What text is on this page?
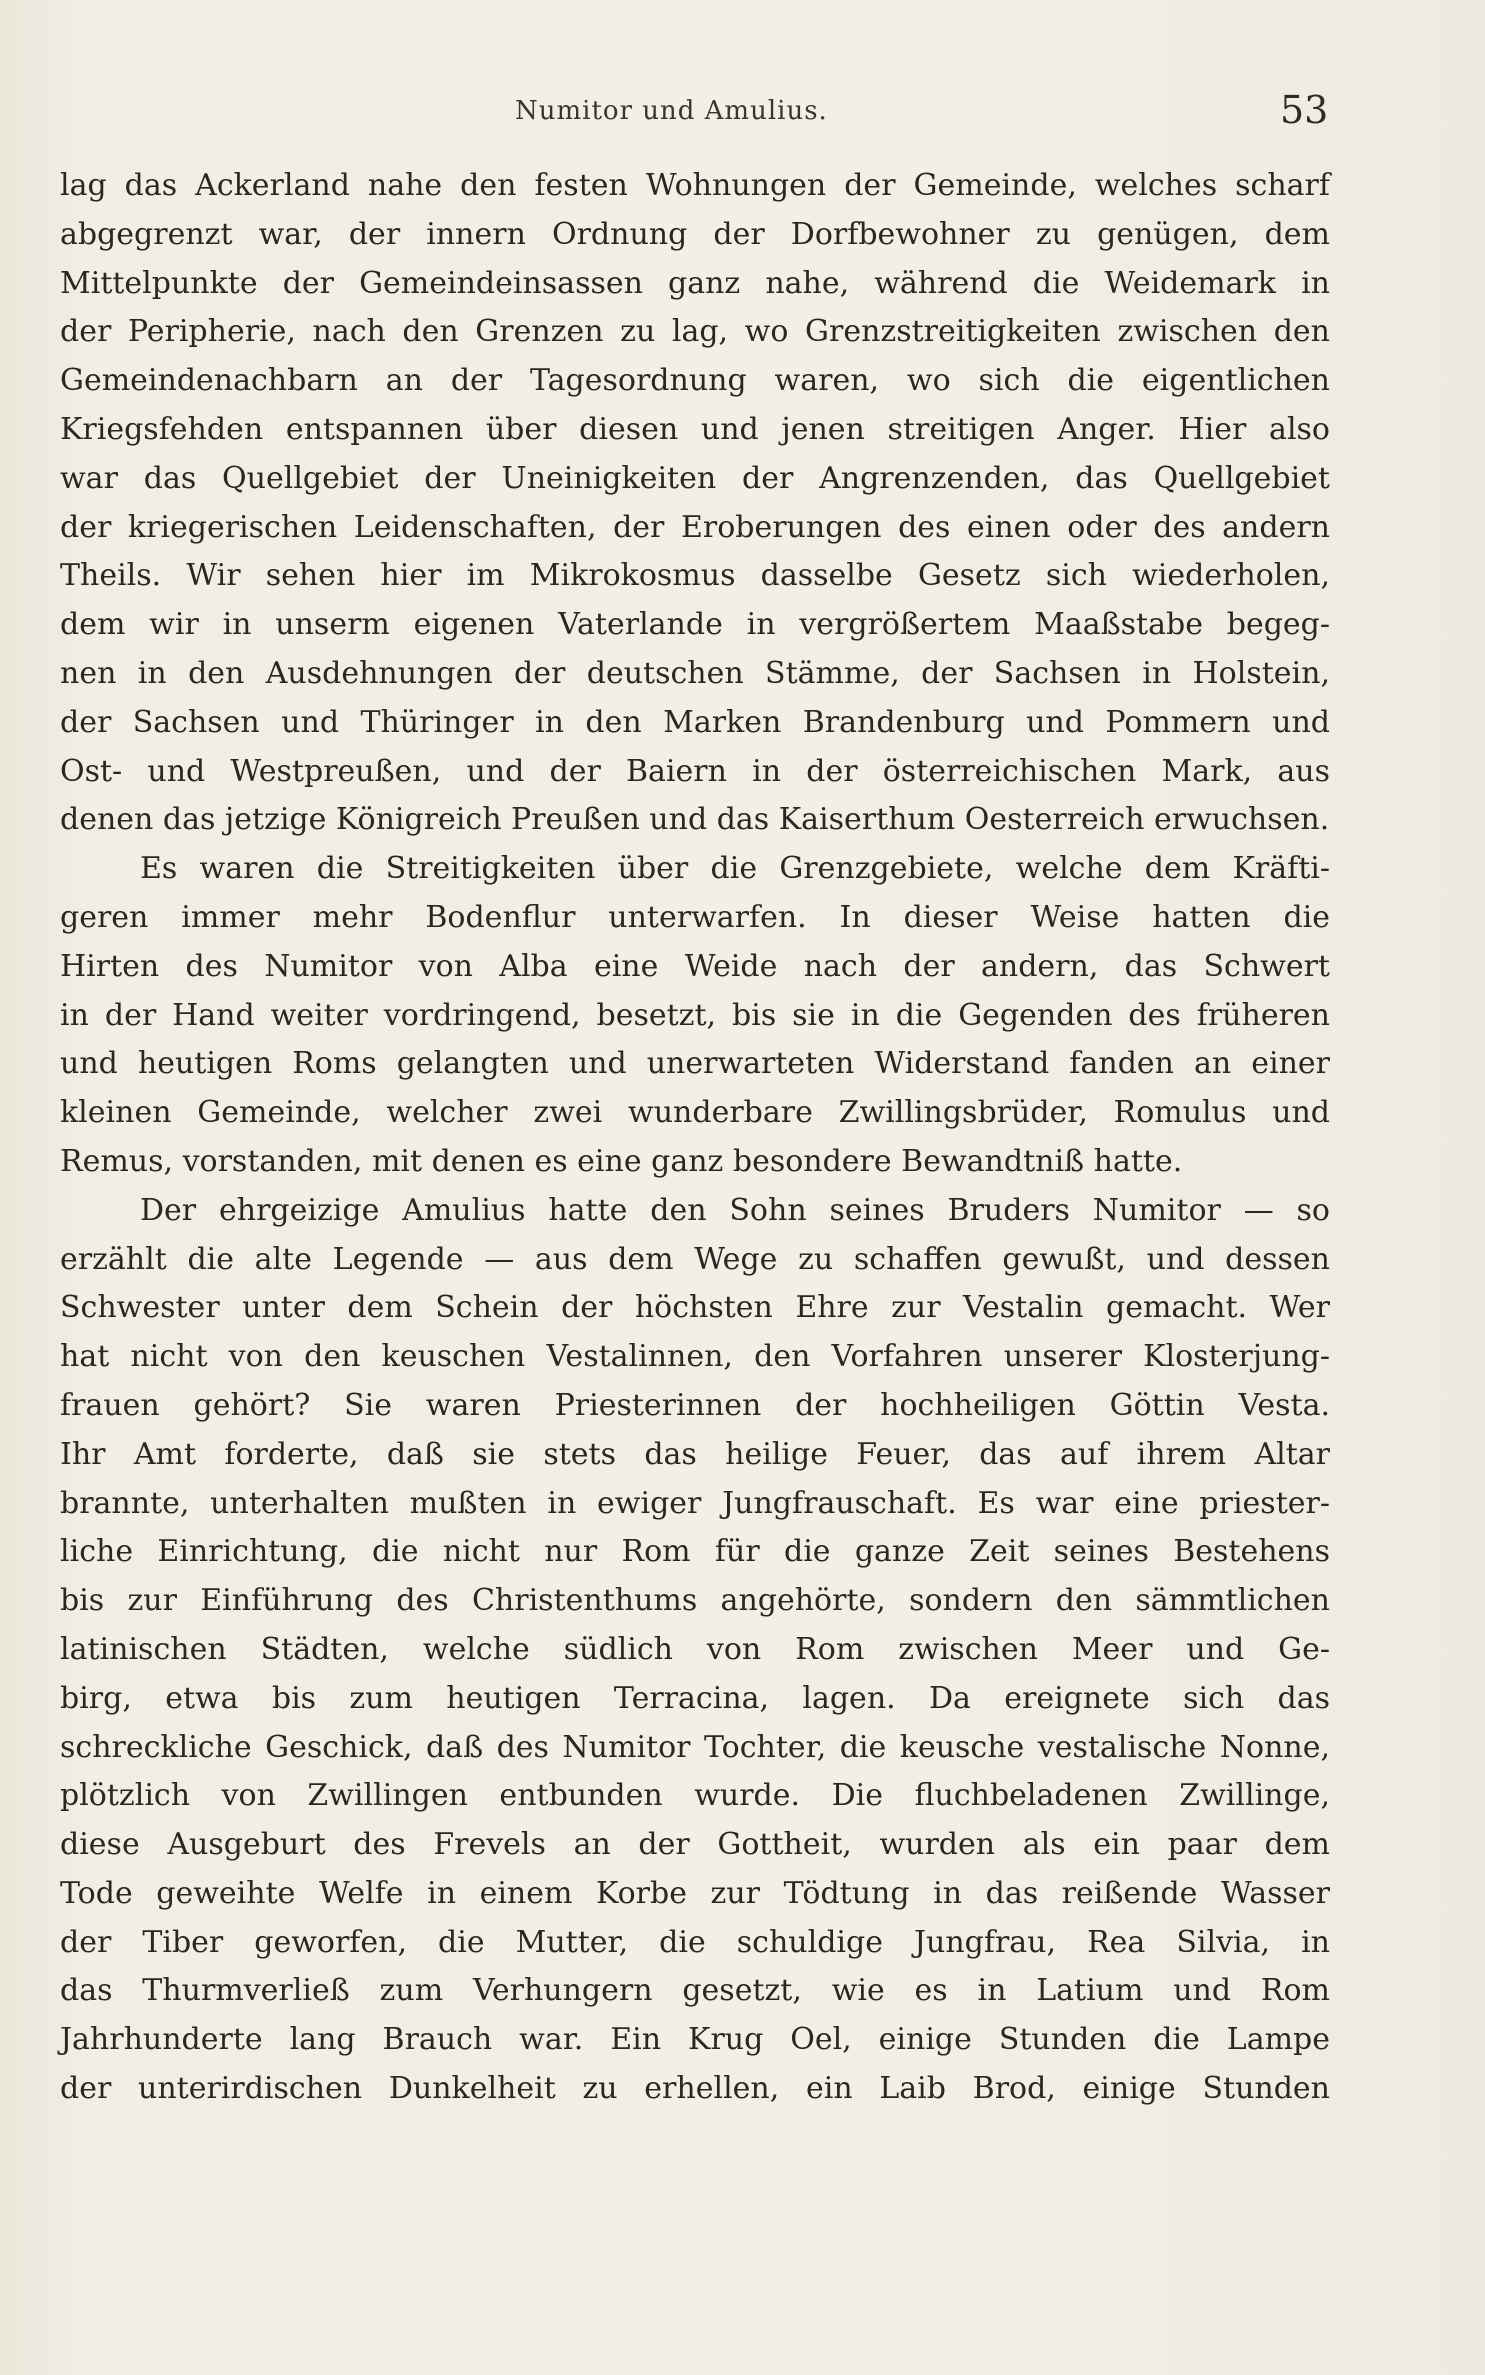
Numitor und Amulius.	53
lag das Ackerland nahe den festen Wohnungen der Gemeinde, welches scharf
abgegrenzt war, der innern Ordnung der Dorfbewohner zu genügen, dem
Mittelpunkte der Gemeindeinsassen ganz nahe, während die Weidemark in
der Peripherie, nach den Grenzen zu lag, wo Grenzstreitigkeiten zwischen den
Gemeindenachbarn an der Tagesordnung waren, wo sich die eigentlichen
Kriegsfehden entspannen über diesen und jenen streitigen Anger. Hier also
war das Quellgebiet der Uneinigkeiten der Angrenzenden, das Quellgebiet
der kriegerischen Leidenschaften, der Eroberungen des einen oder des andern
Theils. Wir sehen hier im Mikrokosmus dasselbe Gesetz sich wiederholen,
dem wir in unserm eigenen Vaterlande in vergrößertem Maaßstabe begeg-
nen in den Ausdehnungen der deutschen Stämme, der Sachsen in Holstein,
der Sachsen und Thüringer in den Marken Brandenburg und Pommern und
Ost- und Westpreußen, und der Baiern in der österreichischen Mark, aus
denen das jetzige Königreich Preußen und das Kaiserthum Oesterreich erwuchsen.
Es waren die Streitigkeiten über die Grenzgebiete, welche dem Kräfti-
geren immer mehr Bodenflur unterwarfen. In dieser Weise hatten die
Hirten des Numitor von Alba eine Weide nach der andern, das Schwert
in der Hand weiter vordringend, besetzt, bis sie in die Gegenden des früheren
und heutigen Roms gelangten und unerwarteten Widerstand fanden an einer
kleinen Gemeinde, welcher zwei wunderbare Zwillingsbrüder, Romulus und
Remus, vorstanden, mit denen es eine ganz besondere Bewandtniß hatte.
Der ehrgeizige Amulius hatte den Sohn seines Bruders Numitor — so
erzählt die alte Legende — aus dem Wege zu schaffen gewußt, und dessen
Schwester unter dem Schein der höchsten Ehre zur Vestalin gemacht. Wer
hat nicht von den keuschen Vestalinnen, den Vorfahren unserer Klosterjung-
frauen gehört? Sie waren Priesterinnen der hochheiligen Göttin Vesta.
Ihr Amt forderte, daß sie stets das heilige Feuer, das auf ihrem Altar
brannte, unterhalten mußten in ewiger Jungfrauschaft. Es war eine priester-
liche Einrichtung, die nicht nur Rom für die ganze Zeit seines Bestehens
bis zur Einführung des Christenthums angehörte, sondern den sämmtlichen
latinischen Städten, welche südlich von Rom zwischen Meer und Ge-
birg, etwa bis zum heutigen Terracina, lagen. Da ereignete sich das
schreckliche Geschick, daß des Numitor Tochter, die keusche vestalische Nonne,
plötzlich von Zwillingen entbunden wurde. Die fluchbeladenen Zwillinge,
diese Ausgeburt des Frevels an der Gottheit, wurden als ein paar dem
Tode geweihte Welfe in einem Korbe zur Tödtung in das reißende Wasser
der Tiber geworfen, die Mutter, die schuldige Jungfrau, Rea Silvia, in
das Thurmverließ zum Verhungern gesetzt, wie es in Latium und Rom
Jahrhunderte lang Brauch war. Ein Krug Oel, einige Stunden die Lampe
der unterirdischen Dunkelheit zu erhellen, ein Laib Brod, einige Stunden
